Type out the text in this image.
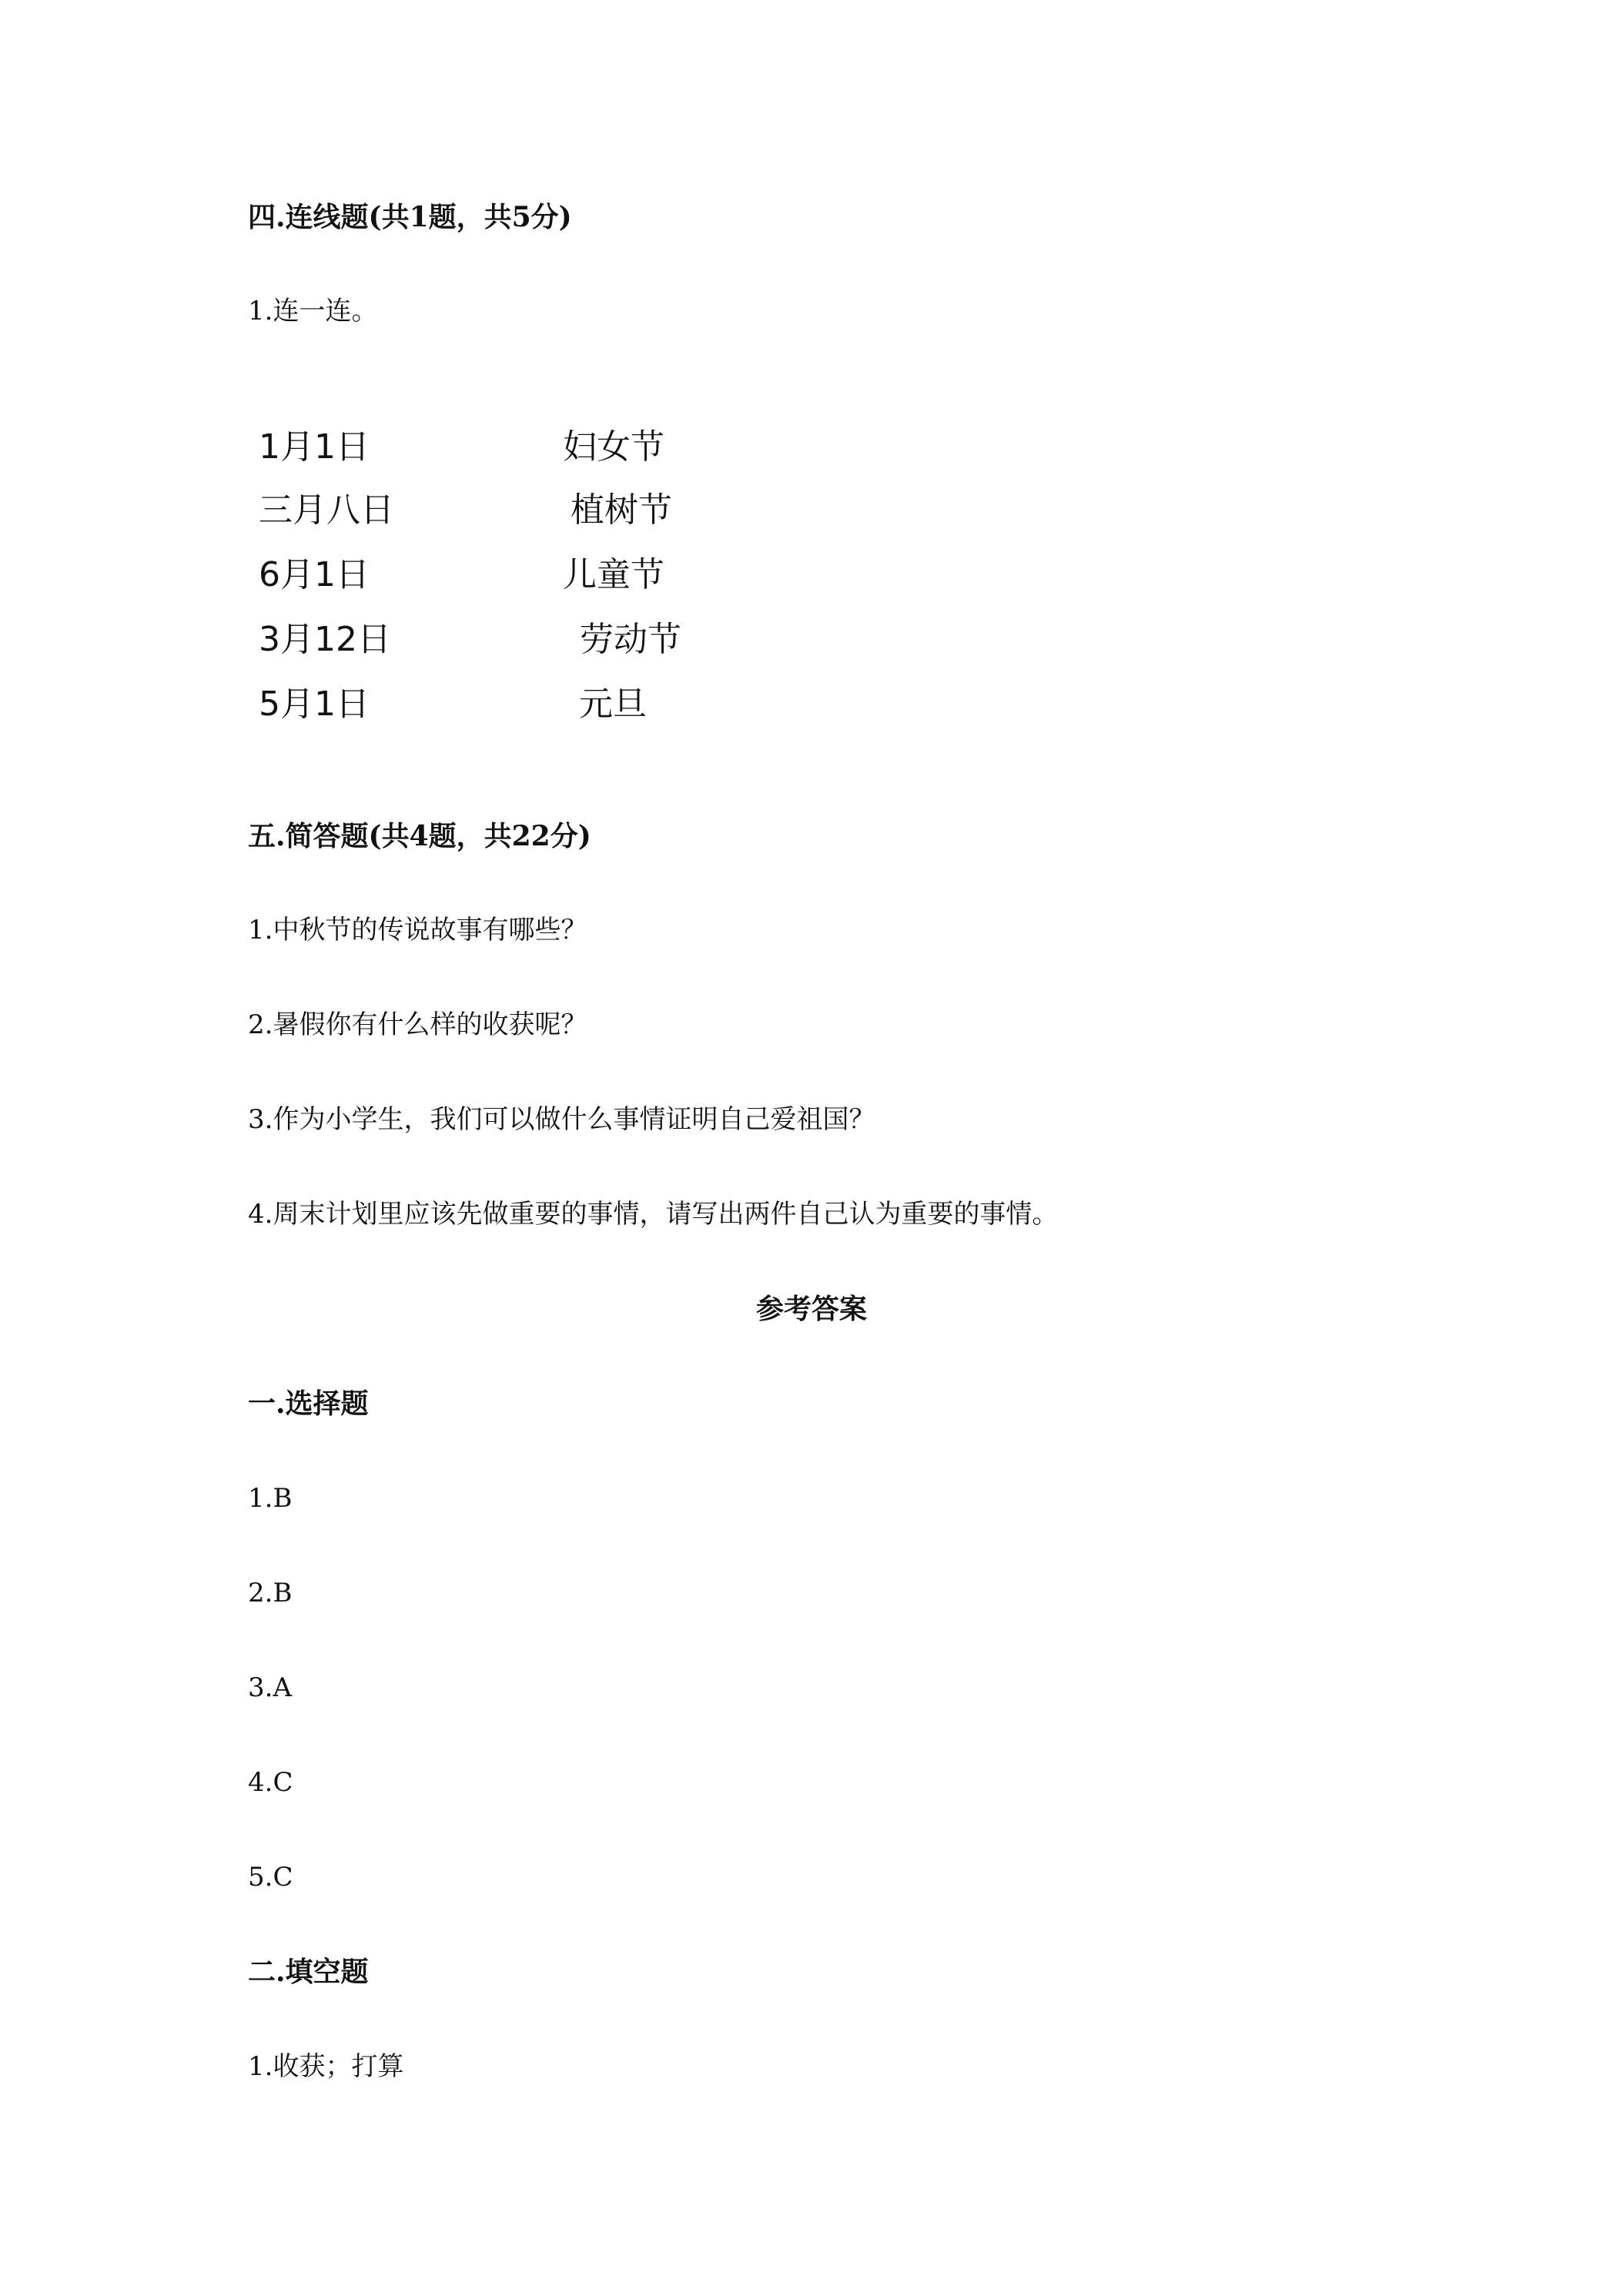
四.连线题(共1题，共5分)
1.连一连。
1月1日
三月八日
6月1日
3月12日
5月1日
妇女节
植树节
儿童节
劳动节
元旦
五.简答题(共4题，共22分)
1.中秋节的传说故事有哪些？
2.暑假你有什么样的收获呢？
3.作为小学生，我们可以做什么事情证明自己爱祖国？
4.周末计划里应该先做重要的事情，请写出两件自己认为重要的事情。
参考答案
一.选择题
1.B
2.B
3.A
4.C
5.C
二.填空题
1.收获；打算
